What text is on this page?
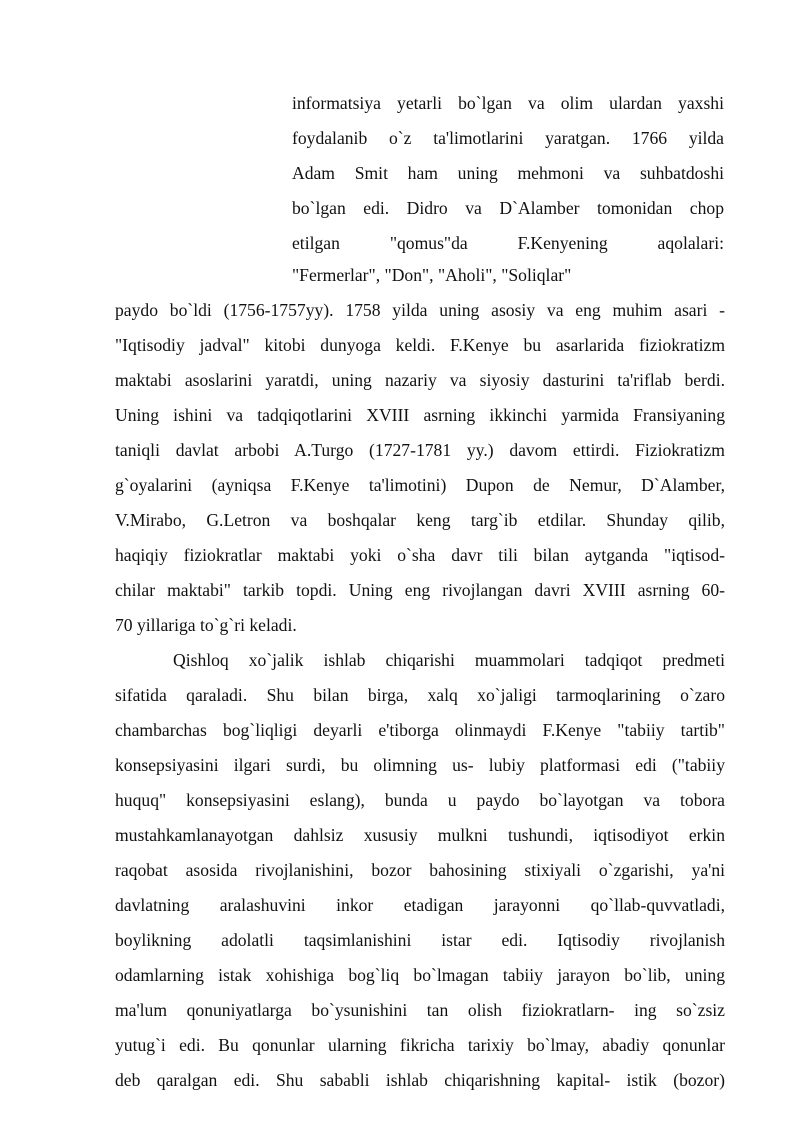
informatsiya yetarli bo`lgan va olim ulardan yaxshi
foydalanib o`z ta'limotlarini yaratgan. 1766 yilda
Adam Smit ham uning mehmoni va suhbatdoshi
bo`lgan edi. Didro va D`Alamber tomonidan chop
etilgan "qomus"da F.Kenyening aqolalari:
"Fermerlar", "Don", "Aholi", "Soliqlar"
paydo bo`ldi (1756-1757yy). 1758 yilda uning asosiy va eng muhim asari -
"Iqtisodiy jadval" kitobi dunyoga keldi. F.Kenye bu asarlarida fiziokratizm
maktabi asoslarini yaratdi, uning nazariy va siyosiy dasturini ta'riflab berdi.
Uning ishini va tadqiqotlarini XVIII asrning ikkinchi yarmida Fransiyaning
taniqli davlat arbobi A.Turgo (1727-1781 yy.) davom ettirdi. Fiziokratizm
g`oyalarini (ayniqsa F.Kenye ta'limotini) Dupon de Nemur, D`Alamber,
V.Mirabo, G.Letron va boshqalar keng targ`ib etdilar. Shunday qilib,
haqiqiy fiziokratlar maktabi yoki o`sha davr tili bilan aytganda "iqtisod-
chilar maktabi" tarkib topdi. Uning eng rivojlangan davri XVIII asrning 60-
70 yillariga to`g`ri keladi.
Qishloq xo`jalik ishlab chiqarishi muammolari tadqiqot predmeti
sifatida qaraladi. Shu bilan birga, xalq xo`jaligi tarmoqlarining o`zaro
chambarchas bog`liqligi deyarli e'tiborga olinmaydi F.Kenye "tabiiy tartib"
konsepsiyasini ilgari surdi, bu olimning us- lubiy platformasi edi ("tabiiy
huquq" konsepsiyasini eslang), bunda u paydo bo`layotgan va tobora
mustahkamlanayotgan dahlsiz xususiy mulkni tushundi, iqtisodiyot erkin
raqobat asosida rivojlanishini, bozor bahosining stixiyali o`zgarishi, ya'ni
davlatning aralashuvini inkor etadigan jarayonni qo`llab-quvvatladi,
boylikning adolatli taqsimlanishini istar edi. Iqtisodiy rivojlanish
odamlarning istak xohishiga bog`liq bo`lmagan tabiiy jarayon bo`lib, uning
ma'lum qonuniyatlarga bo`ysunishini tan olish fiziokratlarn- ing so`zsiz
yutug`i edi. Bu qonunlar ularning fikricha tarixiy bo`lmay, abadiy qonunlar
deb qaralgan edi. Shu sababli ishlab chiqarishning kapital- istik (bozor)
